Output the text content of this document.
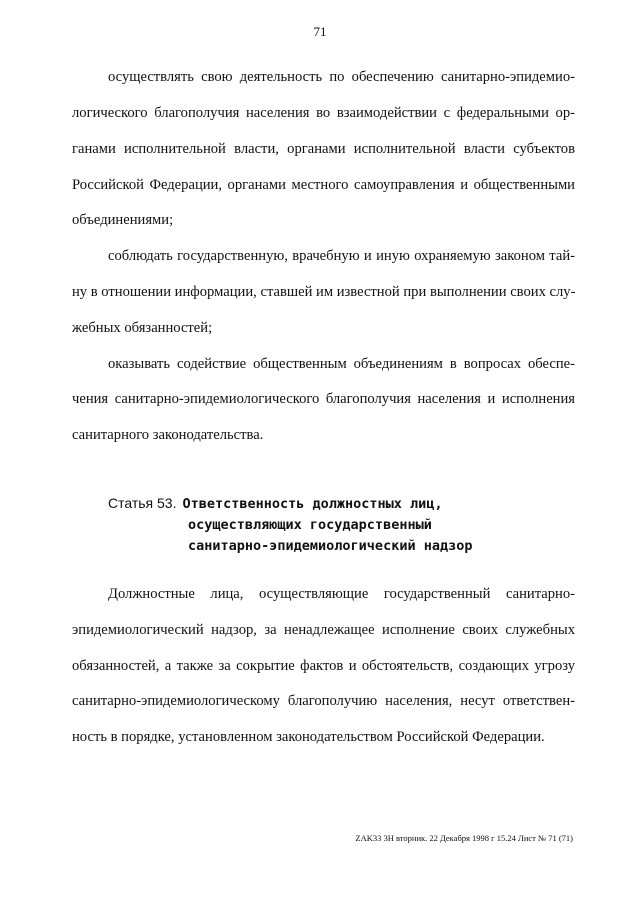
71
осуществлять свою деятельность по обеспечению санитарно-эпидемио-
логического благополучия населения во взаимодействии с федеральными ор-
ганами исполнительной власти, органами исполнительной власти субъектов
Российской Федерации, органами местного самоуправления и общественными
объединениями;
соблюдать государственную, врачебную и иную охраняемую законом тай-
ну в отношении информации, ставшей им известной при выполнении своих слу-
жебных обязанностей;
оказывать содействие общественным объединениям в вопросах обеспе-
чения санитарно-эпидемиологического благополучия населения и исполнения
санитарного законодательства.
Статья 53. Ответственность должностных лиц,
осуществляющих государственный
санитарно-эпидемиологический надзор
Должностные лица, осуществляющие государственный санитарно-
эпидемиологический надзор, за ненадлежащее исполнение своих служебных
обязанностей, а также за сокрытие фактов и обстоятельств, создающих угрозу
санитарно-эпидемиологическому благополучию населения, несут ответствен-
ность в порядке, установленном законодательством Российской Федерации.
ZAK33 3H вторник. 22 Декабря 1998 г 15.24 Лист № 71 (71)
